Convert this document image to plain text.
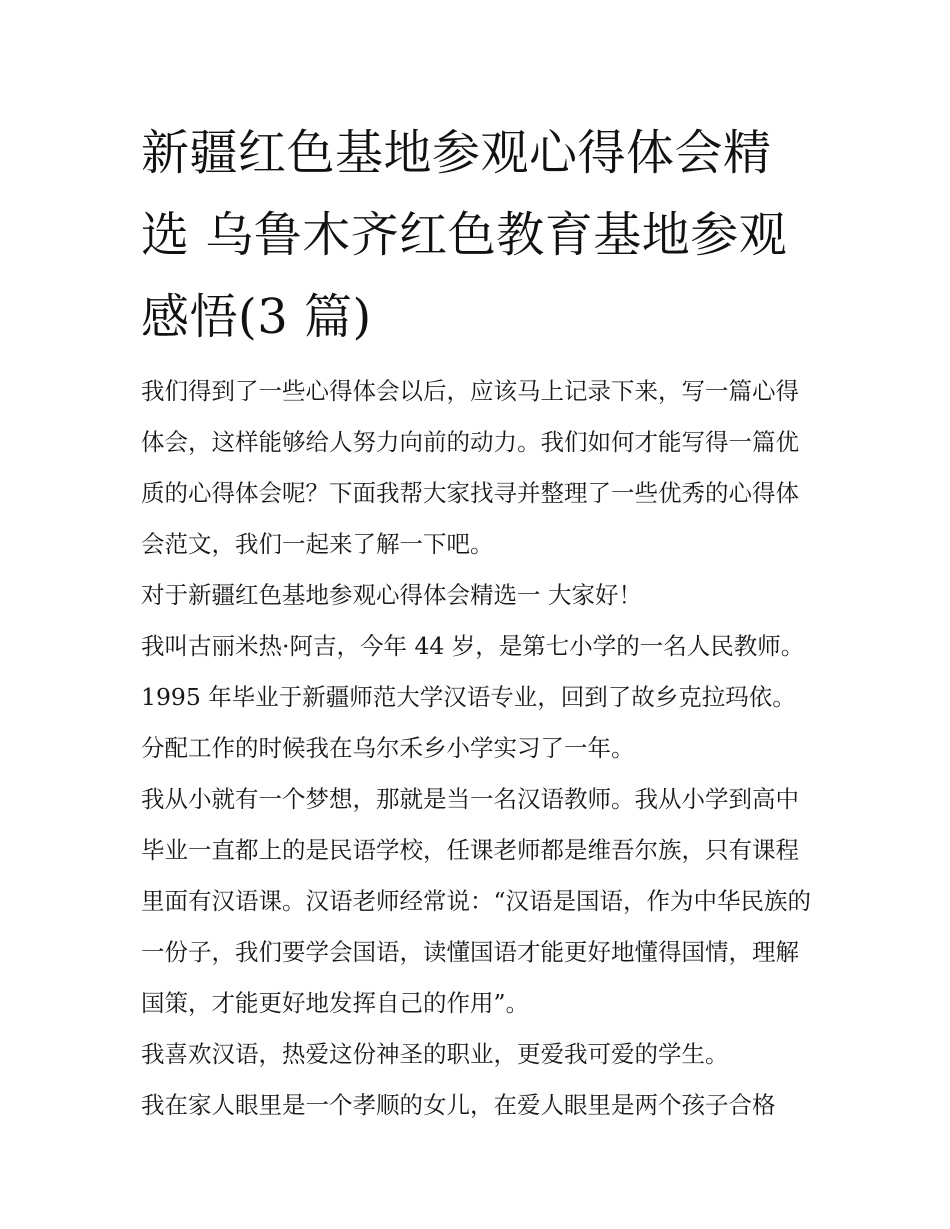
新疆红色基地参观心得体会精选 乌鲁木齐红色教育基地参观感悟(3 篇)

我们得到了一些心得体会以后，应该马上记录下来，写一篇心得体会，这样能够给人努力向前的动力。我们如何才能写得一篇优质的心得体会呢？下面我帮大家找寻并整理了一些优秀的心得体会范文，我们一起来了解一下吧。

对于新疆红色基地参观心得体会精选一 大家好！

我叫古丽米热·阿吉，今年 44 岁，是第七小学的一名人民教师。1995 年毕业于新疆师范大学汉语专业，回到了故乡克拉玛依。分配工作的时候我在乌尔禾乡小学实习了一年。

我从小就有一个梦想，那就是当一名汉语教师。我从小学到高中毕业一直都上的是民语学校，任课老师都是维吾尔族，只有课程里面有汉语课。汉语老师经常说：“汉语是国语，作为中华民族的一份子，我们要学会国语，读懂国语才能更好地懂得国情，理解国策，才能更好地发挥自己的作用”。

我喜欢汉语，热爱这份神圣的职业，更爱我可爱的学生。

我在家人眼里是一个孝顺的女儿，在爱人眼里是两个孩子合格
